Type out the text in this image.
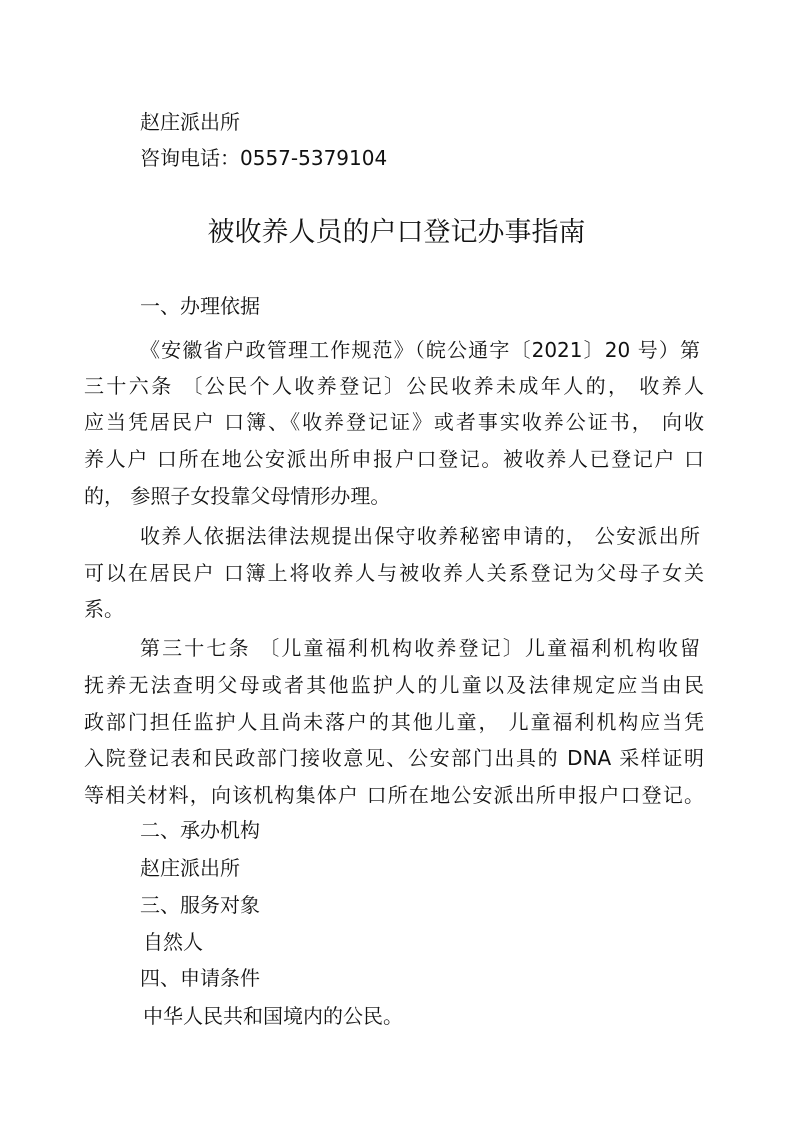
赵庄派出所

咨询电话：0557-5379104

被收养人员的户口登记办事指南

一、办理依据

《安徽省户政管理工作规范》（皖公通字〔2021〕20 号）第

三十六条 〔公民个人收养登记〕公民收养未成年人的， 收养人

应当凭居民户 口簿、《收养登记证》或者事实收养公证书， 向收

养人户 口所在地公安派出所申报户口登记。被收养人已登记户 口

的， 参照子女投靠父母情形办理。

收养人依据法律法规提出保守收养秘密申请的， 公安派出所

可以在居民户 口簿上将收养人与被收养人关系登记为父母子女关

系。

第三十七条 〔儿童福利机构收养登记〕儿童福利机构收留

抚养无法查明父母或者其他监护人的儿童以及法律规定应当由民

政部门担任监护人且尚未落户的其他儿童， 儿童福利机构应当凭

入院登记表和民政部门接收意见、公安部门出具的 DNA 采样证明

等相关材料，向该机构集体户 口所在地公安派出所申报户口登记。

二、承办机构

赵庄派出所

三、服务对象

自然人

四、申请条件

中华人民共和国境内的公民。
